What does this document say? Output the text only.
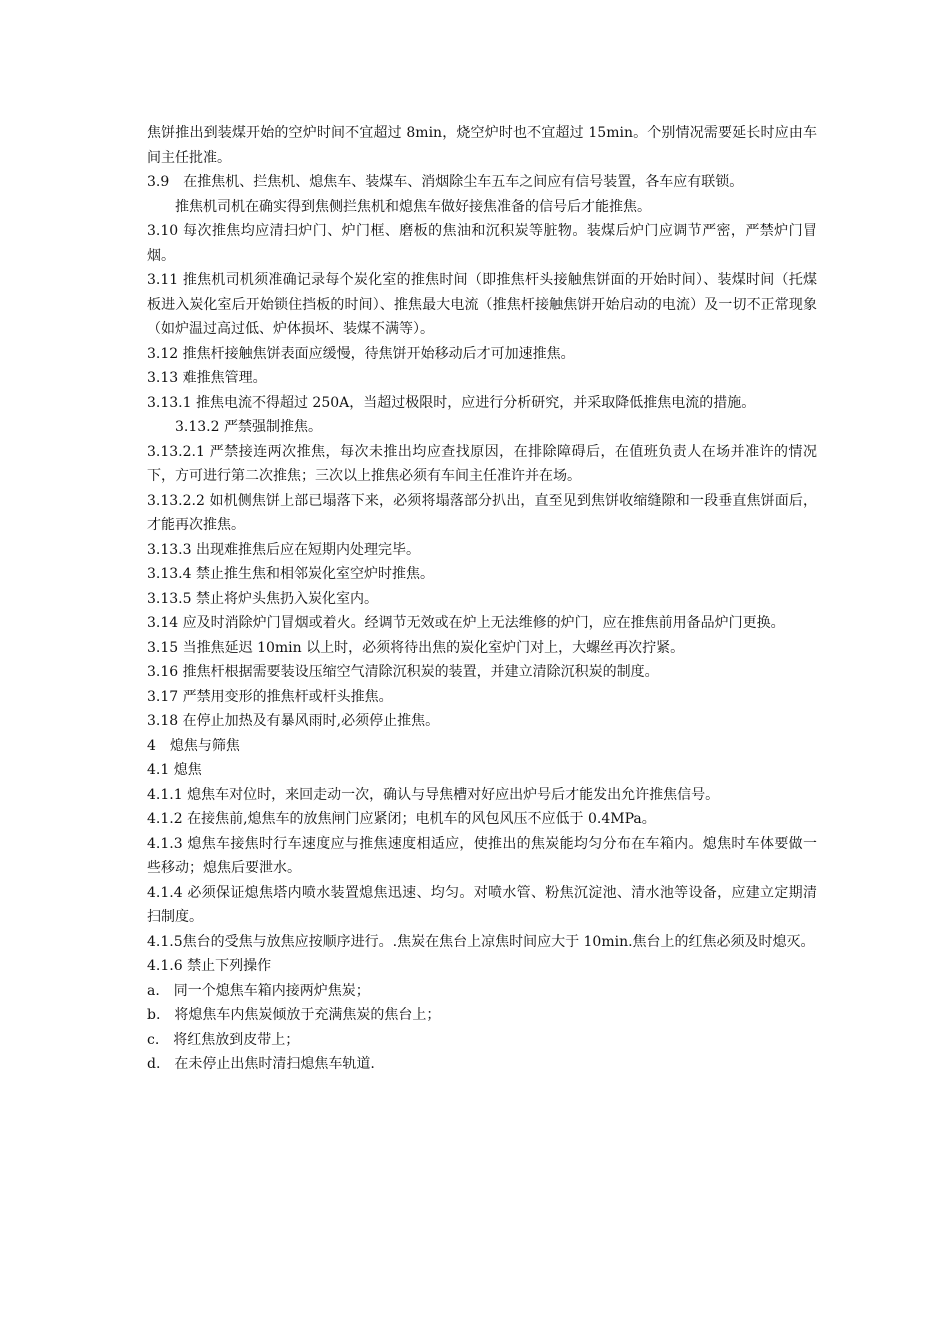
焦饼推出到装煤开始的空炉时间不宜超过 8min，烧空炉时也不宜超过 15min。个别情况需要延长时应由车间主任批准。

3.9　在推焦机、拦焦机、熄焦车、装煤车、消烟除尘车五车之间应有信号装置，各车应有联锁。

推焦机司机在确实得到焦侧拦焦机和熄焦车做好接焦准备的信号后才能推焦。

3.10 每次推焦均应清扫炉门、炉门框、磨板的焦油和沉积炭等脏物。装煤后炉门应调节严密，严禁炉门冒烟。

3.11 推焦机司机须准确记录每个炭化室的推焦时间（即推焦杆头接触焦饼面的开始时间）、装煤时间（托煤板进入炭化室后开始锁住挡板的时间）、推焦最大电流（推焦杆接触焦饼开始启动的电流）及一切不正常现象（如炉温过高过低、炉体损坏、装煤不满等）。

3.12 推焦杆接触焦饼表面应缓慢，待焦饼开始移动后才可加速推焦。

3.13 难推焦管理。

3.13.1 推焦电流不得超过 250A，当超过极限时，应进行分析研究，并采取降低推焦电流的措施。

3.13.2 严禁强制推焦。

3.13.2.1 严禁接连两次推焦，每次未推出均应查找原因，在排除障碍后，在值班负责人在场并准许的情况下，方可进行第二次推焦；三次以上推焦必须有车间主任准许并在场。

3.13.2.2 如机侧焦饼上部已塌落下来，必须将塌落部分扒出，直至见到焦饼收缩缝隙和一段垂直焦饼面后，才能再次推焦。

3.13.3 出现难推焦后应在短期内处理完毕。

3.13.4 禁止推生焦和相邻炭化室空炉时推焦。

3.13.5 禁止将炉头焦扔入炭化室内。

3.14 应及时消除炉门冒烟或着火。经调节无效或在炉上无法维修的炉门，应在推焦前用备品炉门更换。

3.15 当推焦延迟 10min 以上时，必须将待出焦的炭化室炉门对上，大螺丝再次拧紧。

3.16 推焦杆根据需要装设压缩空气清除沉积炭的装置，并建立清除沉积炭的制度。

3.17 严禁用变形的推焦杆或杆头推焦。

3.18 在停止加热及有暴风雨时,必须停止推焦。

4　熄焦与筛焦

4.1 熄焦

4.1.1 熄焦车对位时，来回走动一次，确认与导焦槽对好应出炉号后才能发出允许推焦信号。

4.1.2 在接焦前,熄焦车的放焦闸门应紧闭；电机车的风包风压不应低于 0.4MPa。

4.1.3 熄焦车接焦时行车速度应与推焦速度相适应，使推出的焦炭能均匀分布在车箱内。熄焦时车体要做一些移动；熄焦后要泄水。

4.1.4 必须保证熄焦塔内喷水装置熄焦迅速、均匀。对喷水管、粉焦沉淀池、清水池等设备，应建立定期清扫制度。

4.1.5焦台的受焦与放焦应按顺序进行。.焦炭在焦台上凉焦时间应大于 10min.焦台上的红焦必须及时熄灭。

4.1.6 禁止下列操作

a.　同一个熄焦车箱内接两炉焦炭；

b.　将熄焦车内焦炭倾放于充满焦炭的焦台上；

c.　将红焦放到皮带上；

d.　在未停止出焦时清扫熄焦车轨道.
